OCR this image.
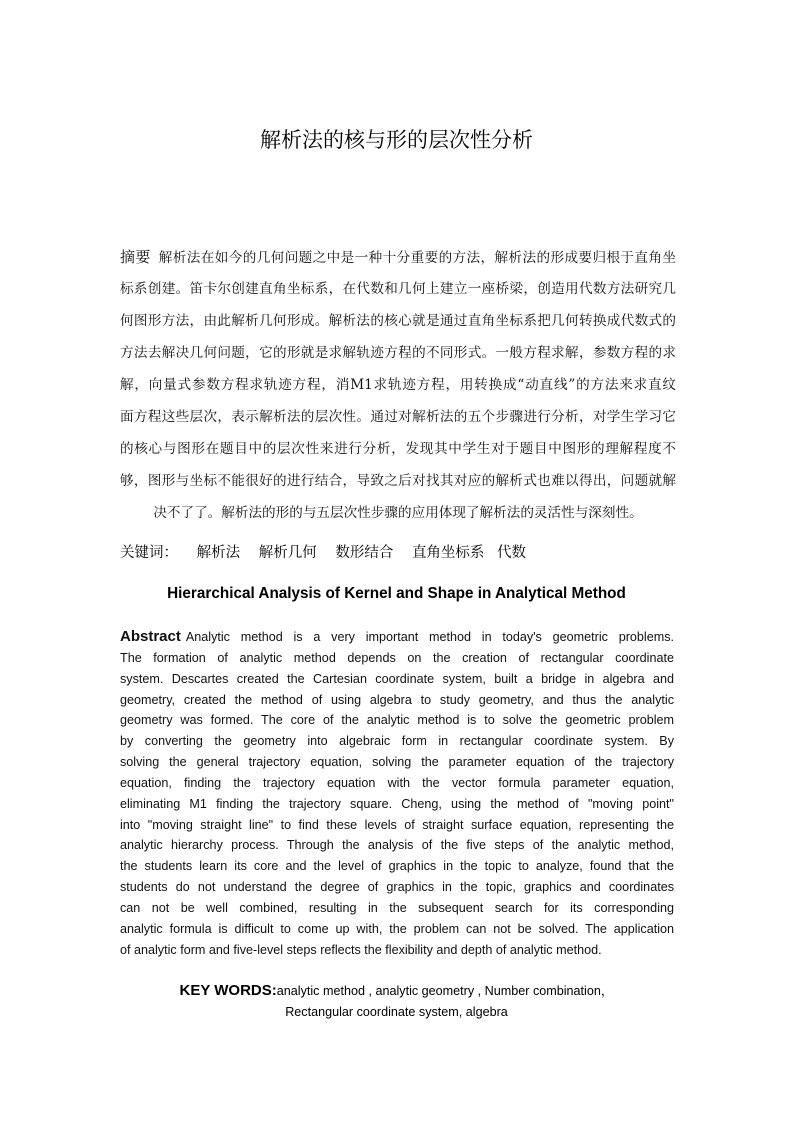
解析法的核与形的层次性分析
摘要 解析法在如今的几何问题之中是一种十分重要的方法，解析法的形成要归根于直角坐
标系创建。笛卡尔创建直角坐标系，在代数和几何上建立一座桥梁，创造用代数方法研究几
何图形方法，由此解析几何形成。解析法的核心就是通过直角坐标系把几何转换成代数式的
方法去解决几何问题，它的形就是求解轨迹方程的不同形式。一般方程求解，参数方程的求
解，向量式参数方程求轨迹方程，消M1求轨迹方程，用转换成“动直线”的方法来求直纹
面方程这些层次，表示解析法的层次性。通过对解析法的五个步骤进行分析，对学生学习它
的核心与图形在题目中的层次性来进行分析，发现其中学生对于题目中图形的理解程度不
够，图形与坐标不能很好的进行结合，导致之后对找其对应的解析式也难以得出，问题就解
决不了了。解析法的形的与五层次性步骤的应用体现了解析法的灵活性与深刻性。
关键词： 解析法 解析几何 数形结合 直角坐标系 代数
Hierarchical Analysis of Kernel and Shape in Analytical Method
Abstract Analytic method is a very important method in today's geometric problems.
The formation of analytic method depends on the creation of rectangular coordinate
system. Descartes created the Cartesian coordinate system, built a bridge in algebra and
geometry, created the method of using algebra to study geometry, and thus the analytic
geometry was formed. The core of the analytic method is to solve the geometric problem
by converting the geometry into algebraic form in rectangular coordinate system. By
solving the general trajectory equation, solving the parameter equation of the trajectory
equation, finding the trajectory equation with the vector formula parameter equation,
eliminating M1 finding the trajectory square. Cheng, using the method of "moving point"
into "moving straight line" to find these levels of straight surface equation, representing the
analytic hierarchy process. Through the analysis of the five steps of the analytic method,
the students learn its core and the level of graphics in the topic to analyze, found that the
students do not understand the degree of graphics in the topic, graphics and coordinates
can not be well combined, resulting in the subsequent search for its corresponding
analytic formula is difficult to come up with, the problem can not be solved. The application
of analytic form and five-level steps reflects the flexibility and depth of analytic method.
KEY WORDS:analytic method , analytic geometry , Number combination，
Rectangular coordinate system, algebra
